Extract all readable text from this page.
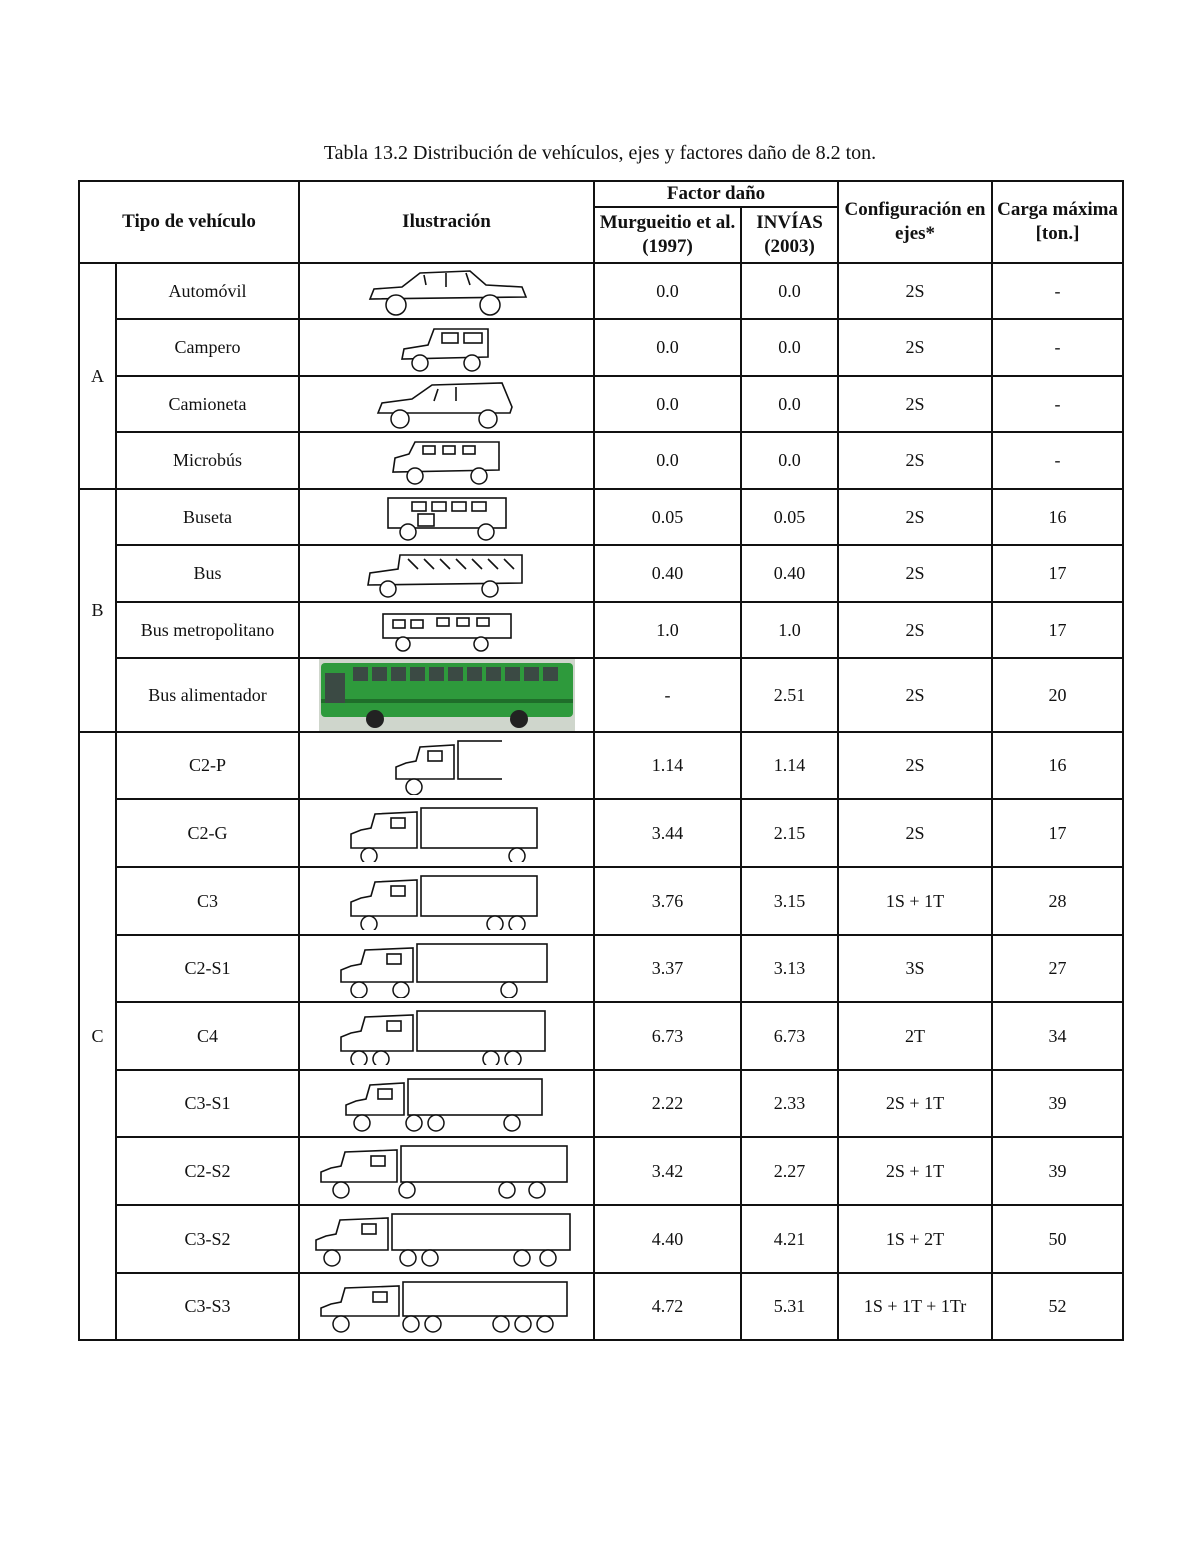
Tabla 13.2 Distribución de vehículos, ejes y factores daño de 8.2 ton.
Tipo de vehículo		Ilustración	Factor daño		Configuración en ejes*	Carga máxima [ton.]
			Murgueitio et al. (1997)	INVÍAS (2003)		
A	Automóvil		0.0	0.0	2S	-
	Campero		0.0	0.0	2S	-
	Camioneta		0.0	0.0	2S	-
	Microbús		0.0	0.0	2S	-
B	Buseta		0.05	0.05	2S	16
	Bus		0.40	0.40	2S	17
	Bus metropolitano		1.0	1.0	2S	17
	Bus alimentador		-	2.51	2S	20
C	C2-P		1.14	1.14	2S	16
	C2-G		3.44	2.15	2S	17
	C3		3.76	3.15	1S + 1T	28
	C2-S1		3.37	3.13	3S	27
	C4		6.73	6.73	2T	34
	C3-S1		2.22	2.33	2S + 1T	39
	C2-S2		3.42	2.27	2S + 1T	39
	C3-S2		4.40	4.21	1S + 2T	50
	C3-S3		4.72	5.31	1S + 1T + 1Tr	52
